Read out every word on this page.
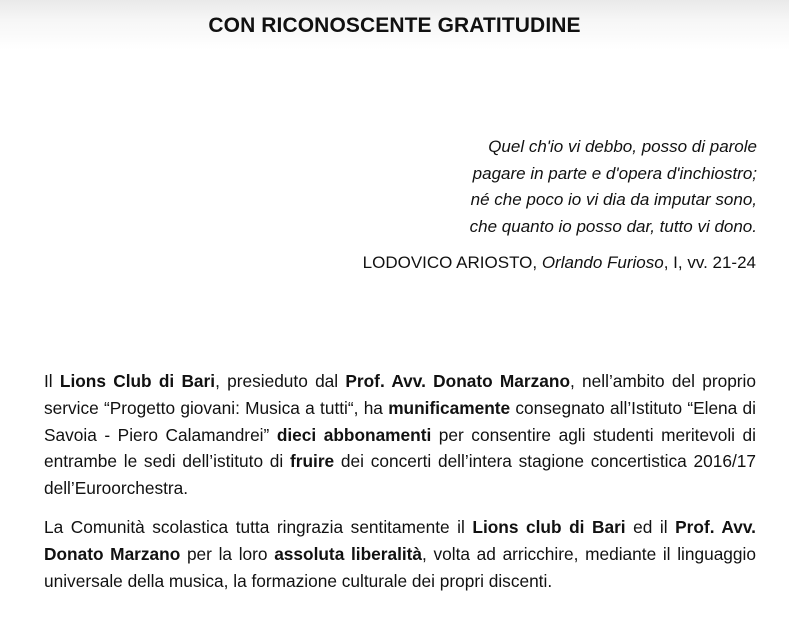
CON RICONOSCENTE GRATITUDINE
Quel ch'io vi debbo, posso di parole
pagare in parte e d'opera d'inchiostro;
né che poco io vi dia da imputar sono,
che quanto io posso dar, tutto vi dono.
LODOVICO ARIOSTO, Orlando Furioso, I, vv. 21-24
Il Lions Club di Bari, presieduto dal Prof. Avv. Donato Marzano, nell’ambito del proprio service “Progetto giovani: Musica a tutti“, ha munificamente consegnato all’Istituto “Elena di Savoia - Piero Calamandrei” dieci abbonamenti per consentire agli studenti meritevoli di entrambe le sedi dell’istituto di fruire dei concerti dell’intera stagione concertistica 2016/17 dell’Euroorchestra.
La Comunità scolastica tutta ringrazia sentitamente il Lions club di Bari ed il Prof. Avv. Donato Marzano per la loro assoluta liberalità, volta ad arricchire, mediante il linguaggio universale della musica, la formazione culturale dei propri discenti.
